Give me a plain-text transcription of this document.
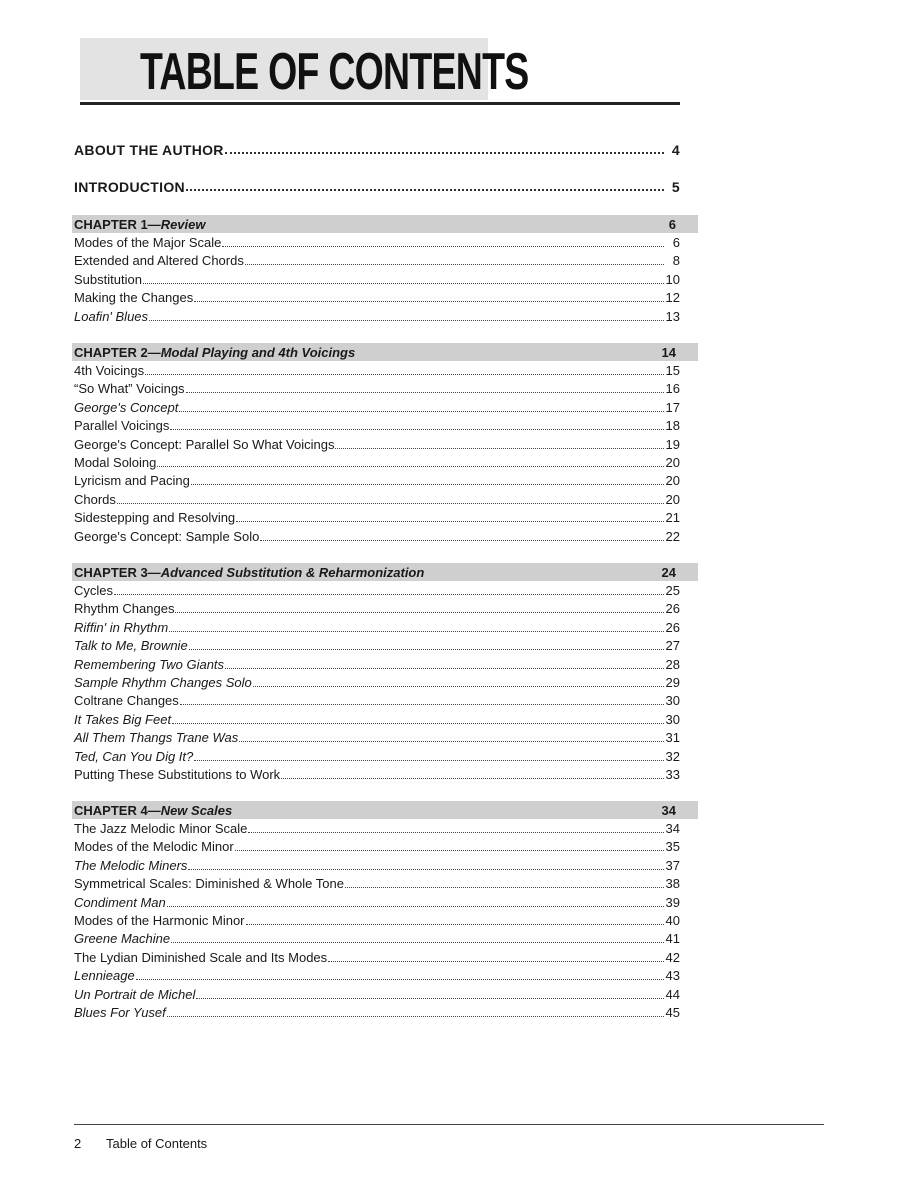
TABLE OF CONTENTS
ABOUT THE AUTHOR	4
INTRODUCTION	5
CHAPTER 1—Review	6
Modes of the Major Scale	6
Extended and Altered Chords	8
Substitution	10
Making the Changes	12
Loafin' Blues	13
CHAPTER 2—Modal Playing and 4th Voicings	14
4th Voicings	15
“So What” Voicings	16
George's Concept	17
Parallel Voicings	18
George's Concept: Parallel So What Voicings	19
Modal Soloing	20
Lyricism and Pacing	20
Chords	20
Sidestepping and Resolving	21
George's Concept: Sample Solo	22
CHAPTER 3—Advanced Substitution & Reharmonization	24
Cycles	25
Rhythm Changes	26
Riffin' in Rhythm	26
Talk to Me, Brownie	27
Remembering Two Giants	28
Sample Rhythm Changes Solo	29
Coltrane Changes	30
It Takes Big Feet	30
All Them Thangs Trane Was	31
Ted, Can You Dig It?	32
Putting These Substitutions to Work	33
CHAPTER 4—New Scales	34
The Jazz Melodic Minor Scale	34
Modes of the Melodic Minor	35
The Melodic Miners	37
Symmetrical Scales: Diminished & Whole Tone	38
Condiment Man	39
Modes of the Harmonic Minor	40
Greene Machine	41
The Lydian Diminished Scale and Its Modes	42
Lennieage	43
Un Portrait de Michel	44
Blues For Yusef	45
2 Table of Contents
